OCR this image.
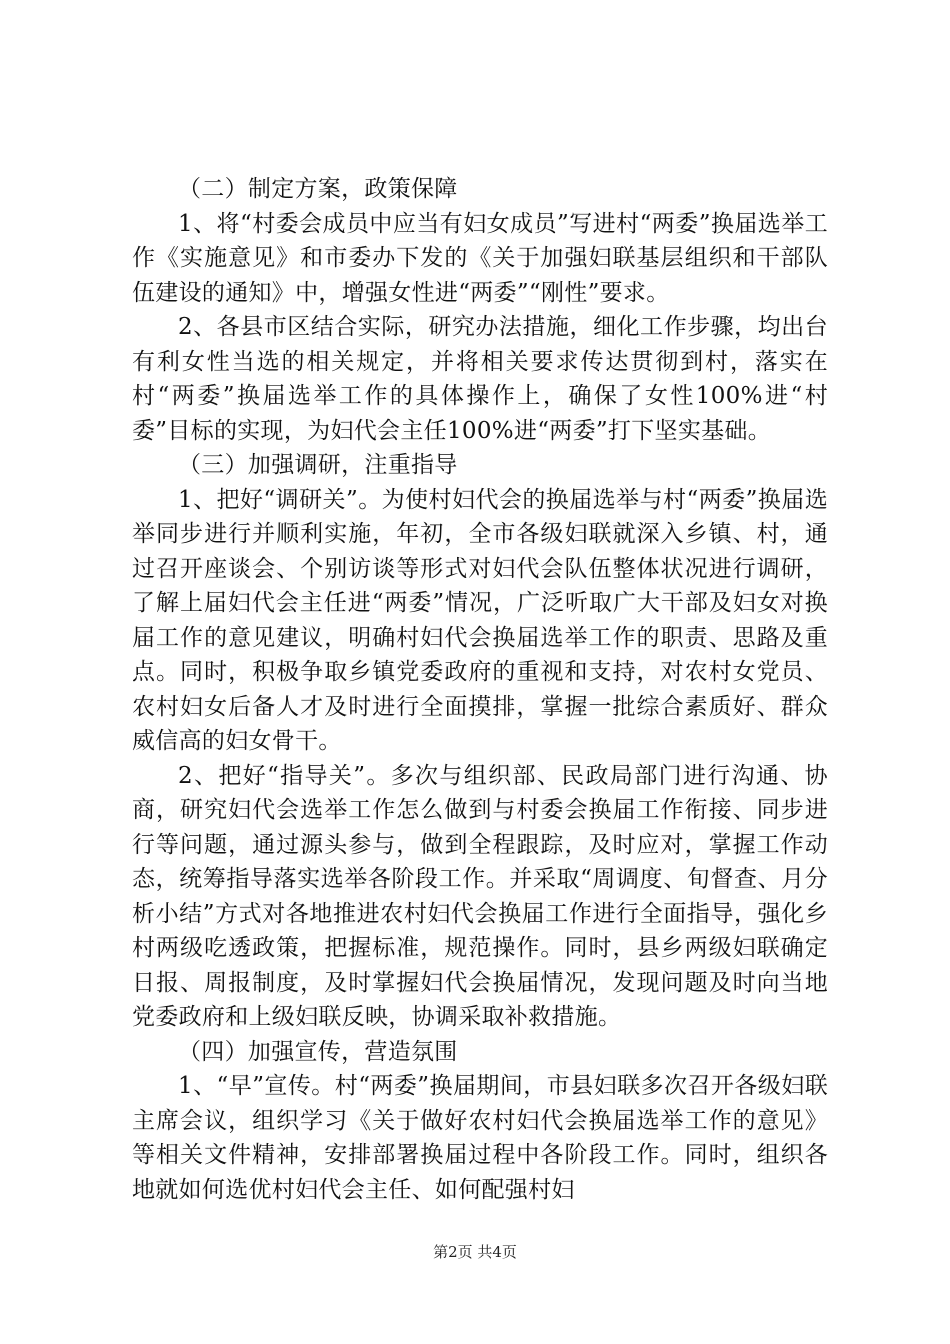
（二）制定方案，政策保障

1、将“村委会成员中应当有妇女成员”写进村“两委”换届选举工作《实施意见》和市委办下发的《关于加强妇联基层组织和干部队伍建设的通知》中，增强女性进“两委”“刚性”要求。

2、各县市区结合实际，研究办法措施，细化工作步骤，均出台有利女性当选的相关规定，并将相关要求传达贯彻到村，落实在村“两委”换届选举工作的具体操作上，确保了女性100%进“村委”目标的实现，为妇代会主任100%进“两委”打下坚实基础。

（三）加强调研，注重指导

1、把好“调研关”。为使村妇代会的换届选举与村“两委”换届选举同步进行并顺利实施，年初，全市各级妇联就深入乡镇、村，通过召开座谈会、个别访谈等形式对妇代会队伍整体状况进行调研，了解上届妇代会主任进“两委”情况，广泛听取广大干部及妇女对换届工作的意见建议，明确村妇代会换届选举工作的职责、思路及重点。同时，积极争取乡镇党委政府的重视和支持，对农村女党员、农村妇女后备人才及时进行全面摸排，掌握一批综合素质好、群众威信高的妇女骨干。

2、把好“指导关”。多次与组织部、民政局部门进行沟通、协商，研究妇代会选举工作怎么做到与村委会换届工作衔接、同步进行等问题，通过源头参与，做到全程跟踪，及时应对，掌握工作动态，统筹指导落实选举各阶段工作。并采取“周调度、旬督查、月分析小结”方式对各地推进农村妇代会换届工作进行全面指导，强化乡村两级吃透政策，把握标准，规范操作。同时，县乡两级妇联确定日报、周报制度，及时掌握妇代会换届情况，发现问题及时向当地党委政府和上级妇联反映，协调采取补救措施。

（四）加强宣传，营造氛围

1、“早”宣传。村“两委”换届期间，市县妇联多次召开各级妇联主席会议，组织学习《关于做好农村妇代会换届选举工作的意见》等相关文件精神，安排部署换届过程中各阶段工作。同时，组织各地就如何选优村妇代会主任、如何配强村妇

第2页 共4页
